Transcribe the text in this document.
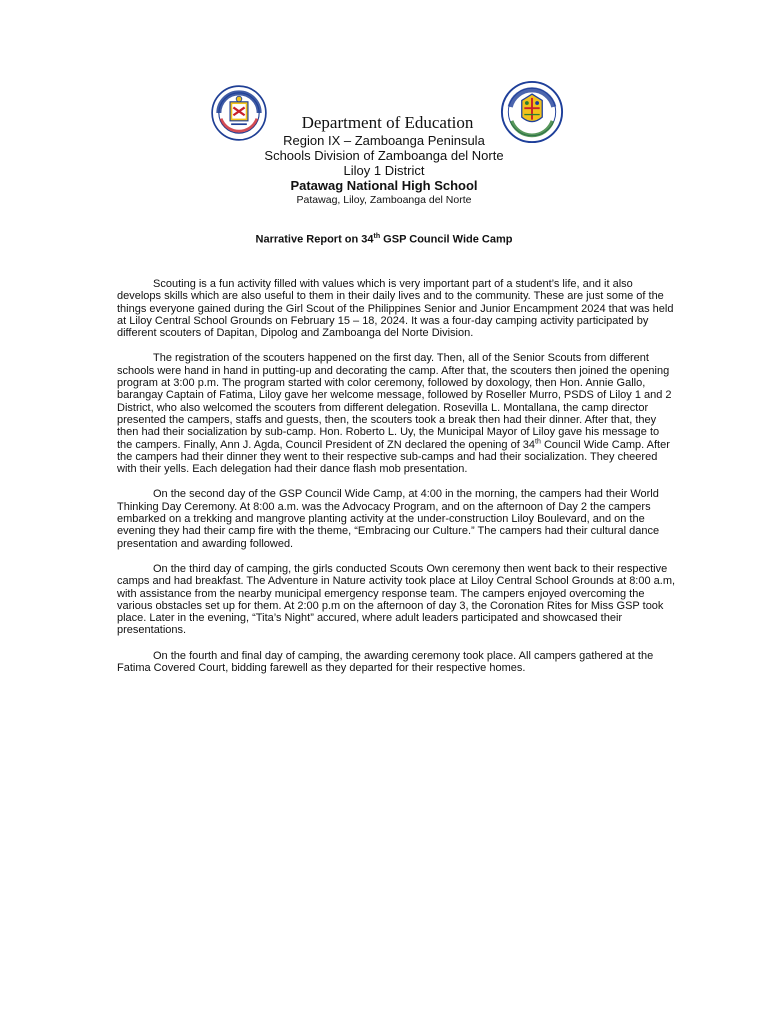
Department of Education
Region IX – Zamboanga Peninsula
Schools Division of Zamboanga del Norte
Liloy 1 District
Patawag National High School
Patawag, Liloy, Zamboanga del Norte
Narrative Report on 34th GSP Council Wide Camp

Scouting is a fun activity filled with values which is very important part of a student’s life, and it also develops skills which are also useful to them in their daily lives and to the community. These are just some of the things everyone gained during the Girl Scout of the Philippines Senior and Junior Encampment 2024 that was held at Liloy Central School Grounds on February 15 – 18, 2024. It was a four-day camping activity participated by different scouters of Dapitan, Dipolog and Zamboanga del Norte Division.

The registration of the scouters happened on the first day. Then, all of the Senior Scouts from different schools were hand in hand in putting-up and decorating the camp. After that, the scouters then joined the opening program at 3:00 p.m. The program started with color ceremony, followed by doxology, then Hon. Annie Gallo, barangay Captain of Fatima, Liloy gave her welcome message, followed by Roseller Murro, PSDS of Liloy 1 and 2 District, who also welcomed the scouters from different delegation. Rosevilla L. Montallana, the camp director presented the campers, staffs and guests, then, the scouters took a break then had their dinner. After that, they then had their socialization by sub-camp. Hon. Roberto L. Uy, the Municipal Mayor of Liloy gave his message to the campers. Finally, Ann J. Agda, Council President of ZN declared the opening of 34th Council Wide Camp. After the campers had their dinner they went to their respective sub-camps and had their socialization. They cheered with their yells. Each delegation had their dance flash mob presentation.

On the second day of the GSP Council Wide Camp, at 4:00 in the morning, the campers had their World Thinking Day Ceremony. At 8:00 a.m. was the Advocacy Program, and on the afternoon of Day 2 the campers embarked on a trekking and mangrove planting activity at the under-construction Liloy Boulevard, and on the evening they had their camp fire with the theme, “Embracing our Culture.” The campers had their cultural dance presentation and awarding followed.

On the third day of camping, the girls conducted Scouts Own ceremony then went back to their respective camps and had breakfast. The Adventure in Nature activity took place at Liloy Central School Grounds at 8:00 a.m, with assistance from the nearby municipal emergency response team. The campers enjoyed overcoming the various obstacles set up for them. At 2:00 p.m on the afternoon of day 3, the Coronation Rites for Miss GSP took place. Later in the evening, “Tita’s Night” accured, where adult leaders participated and showcased their presentations.

On the fourth and final day of camping, the awarding ceremony took place. All campers gathered at the Fatima Covered Court, bidding farewell as they departed for their respective homes.
